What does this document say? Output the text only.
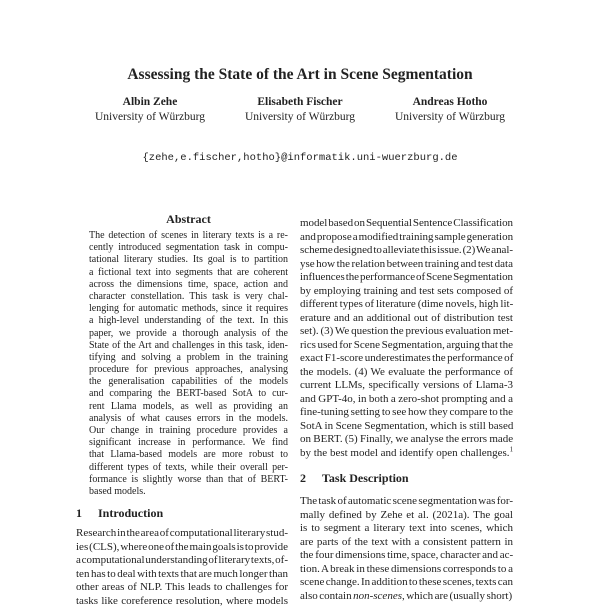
Assessing the State of the Art in Scene Segmentation
Albin Zehe
University of Würzburg
Elisabeth Fischer
University of Würzburg
Andreas Hotho
University of Würzburg
{zehe,e.fischer,hotho}@informatik.uni-wuerzburg.de
Abstract
The detection of scenes in literary texts is a re-
cently introduced segmentation task in compu-
tational literary studies. Its goal is to partition
a fictional text into segments that are coherent
across the dimensions time, space, action and
character constellation. This task is very chal-
lenging for automatic methods, since it requires
a high-level understanding of the text. In this
paper, we provide a thorough analysis of the
State of the Art and challenges in this task, iden-
tifying and solving a problem in the training
procedure for previous approaches, analysing
the generalisation capabilities of the models
and comparing the BERT-based SotA to cur-
rent Llama models, as well as providing an
analysis of what causes errors in the models.
Our change in training procedure provides a
significant increase in performance. We find
that Llama-based models are more robust to
different types of texts, while their overall per-
formance is slightly worse than that of BERT-
based models.
1 Introduction
Research in the area of computational literary stud-
ies (CLS), where one of the main goals is to provide
a computational understanding of literary texts, of-
ten has to deal with texts that are much longer than
other areas of NLP. This leads to challenges for
tasks like coreference resolution, where models
model based on Sequential Sentence Classification
and propose a modified training sample generation
scheme designed to alleviate this issue. (2) We anal-
yse how the relation between training and test data
influences the performance of Scene Segmentation
by employing training and test sets composed of
different types of literature (dime novels, high lit-
erature and an additional out of distribution test
set). (3) We question the previous evaluation met-
rics used for Scene Segmentation, arguing that the
exact F1-score underestimates the performance of
the models. (4) We evaluate the performance of
current LLMs, specifically versions of Llama-3
and GPT-4o, in both a zero-shot prompting and a
fine-tuning setting to see how they compare to the
SotA in Scene Segmentation, which is still based
on BERT. (5) Finally, we analyse the errors made
by the best model and identify open challenges.$^1$
2 Task Description
The task of automatic scene segmentation was for-
mally defined by Zehe et al. (2021a). The goal
is to segment a literary text into scenes, which
are parts of the text with a consistent pattern in
the four dimensions time, space, character and ac-
tion. A break in these dimensions corresponds to a
scene change. In addition to these scenes, texts can
also contain non-scenes, which are (usually short)
